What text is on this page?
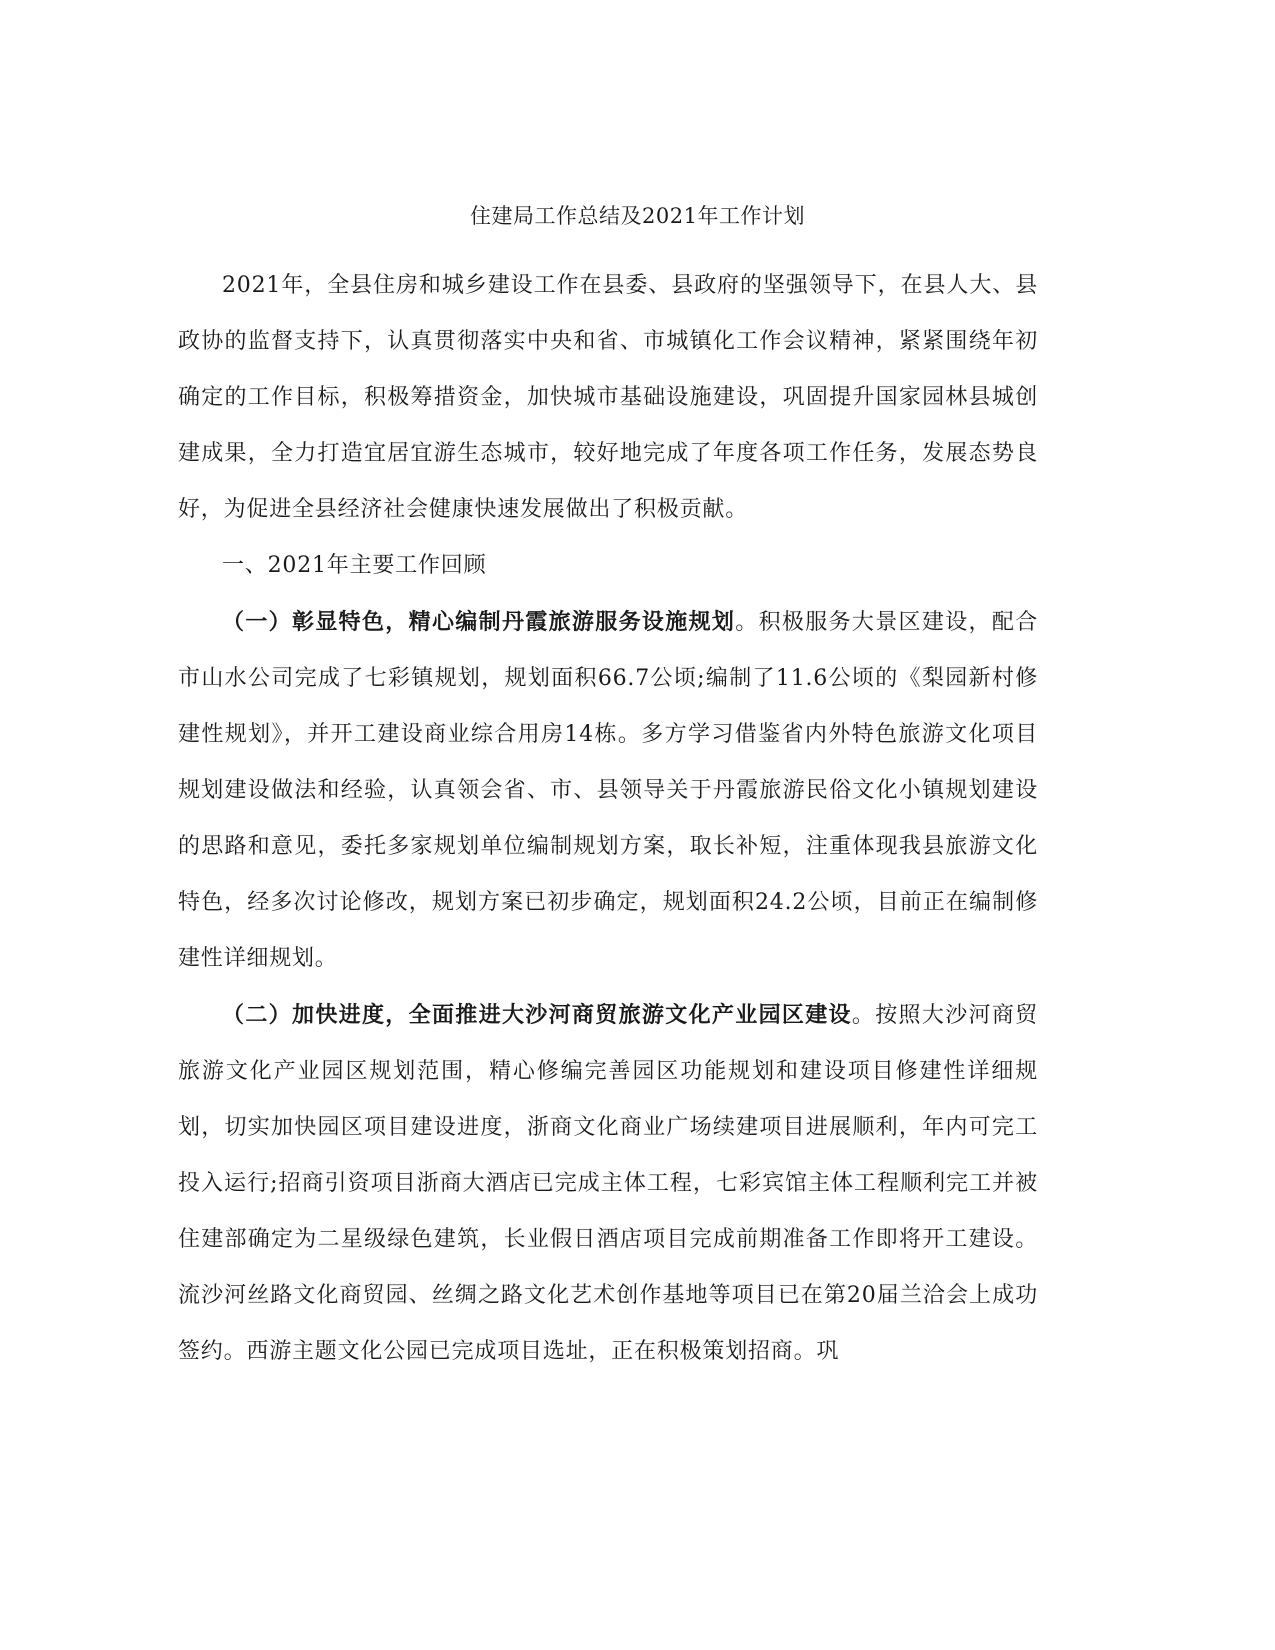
住建局工作总结及2021年工作计划

2021年，全县住房和城乡建设工作在县委、县政府的坚强领导下，在县人大、县政协的监督支持下，认真贯彻落实中央和省、市城镇化工作会议精神，紧紧围绕年初确定的工作目标，积极筹措资金，加快城市基础设施建设，巩固提升国家园林县城创建成果，全力打造宜居宜游生态城市，较好地完成了年度各项工作任务，发展态势良好，为促进全县经济社会健康快速发展做出了积极贡献。

一、2021年主要工作回顾

（一）彰显特色，精心编制丹霞旅游服务设施规划。积极服务大景区建设，配合市山水公司完成了七彩镇规划，规划面积66.7公顷;编制了11.6公顷的《梨园新村修建性规划》，并开工建设商业综合用房14栋。多方学习借鉴省内外特色旅游文化项目规划建设做法和经验，认真领会省、市、县领导关于丹霞旅游民俗文化小镇规划建设的思路和意见，委托多家规划单位编制规划方案，取长补短，注重体现我县旅游文化特色，经多次讨论修改，规划方案已初步确定，规划面积24.2公顷，目前正在编制修建性详细规划。

（二）加快进度，全面推进大沙河商贸旅游文化产业园区建设。按照大沙河商贸旅游文化产业园区规划范围，精心修编完善园区功能规划和建设项目修建性详细规划，切实加快园区项目建设进度，浙商文化商业广场续建项目进展顺利，年内可完工投入运行;招商引资项目浙商大酒店已完成主体工程，七彩宾馆主体工程顺利完工并被住建部确定为二星级绿色建筑，长业假日酒店项目完成前期准备工作即将开工建设。流沙河丝路文化商贸园、丝绸之路文化艺术创作基地等项目已在第20届兰洽会上成功签约。西游主题文化公园已完成项目选址，正在积极策划招商。巩
